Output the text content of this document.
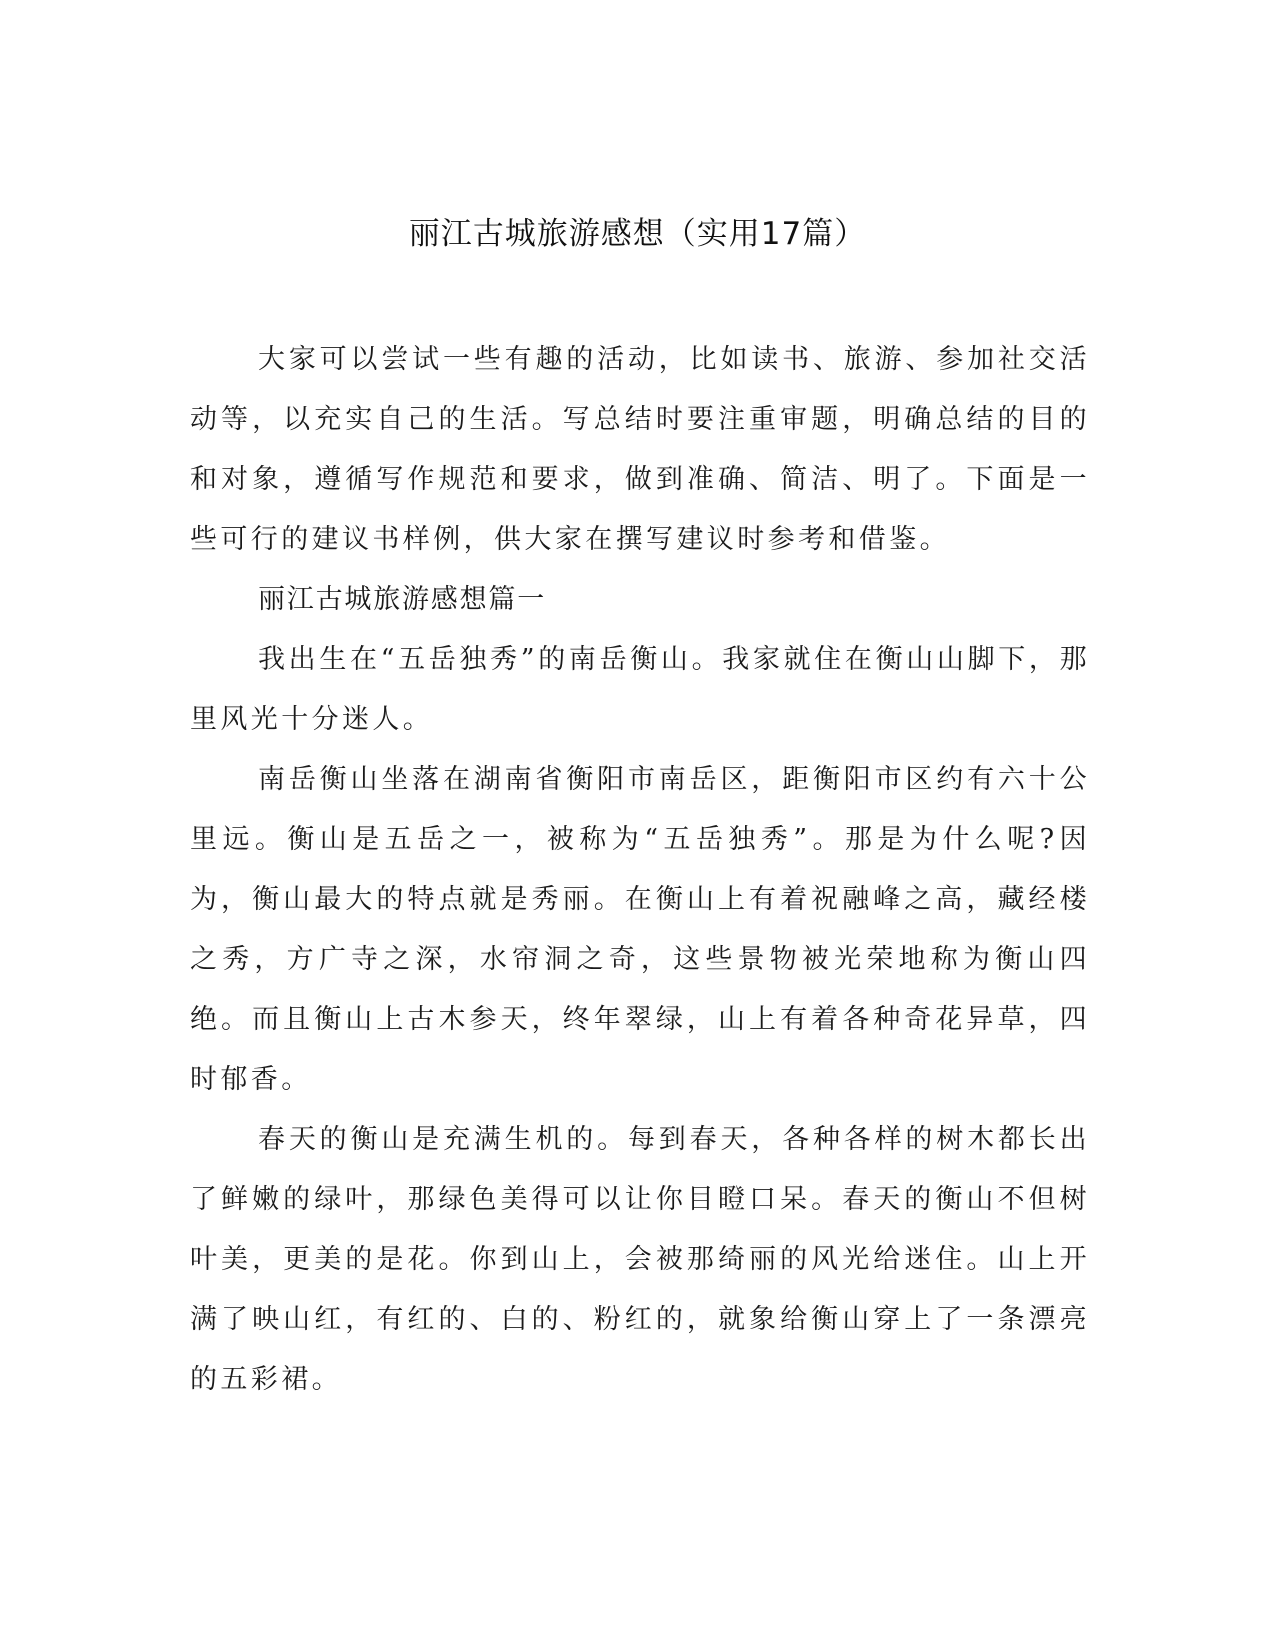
丽江古城旅游感想（实用17篇）

大家可以尝试一些有趣的活动，比如读书、旅游、参加社交活动等，以充实自己的生活。写总结时要注重审题，明确总结的目的和对象，遵循写作规范和要求，做到准确、简洁、明了。下面是一些可行的建议书样例，供大家在撰写建议时参考和借鉴。

丽江古城旅游感想篇一

我出生在“五岳独秀”的南岳衡山。我家就住在衡山山脚下，那里风光十分迷人。

南岳衡山坐落在湖南省衡阳市南岳区，距衡阳市区约有六十公里远。衡山是五岳之一，被称为“五岳独秀”。那是为什么呢?因为，衡山最大的特点就是秀丽。在衡山上有着祝融峰之高，藏经楼之秀，方广寺之深，水帘洞之奇，这些景物被光荣地称为衡山四绝。而且衡山上古木参天，终年翠绿，山上有着各种奇花异草，四时郁香。

春天的衡山是充满生机的。每到春天，各种各样的树木都长出了鲜嫩的绿叶，那绿色美得可以让你目瞪口呆。春天的衡山不但树叶美，更美的是花。你到山上，会被那绮丽的风光给迷住。山上开满了映山红，有红的、白的、粉红的，就象给衡山穿上了一条漂亮的五彩裙。
